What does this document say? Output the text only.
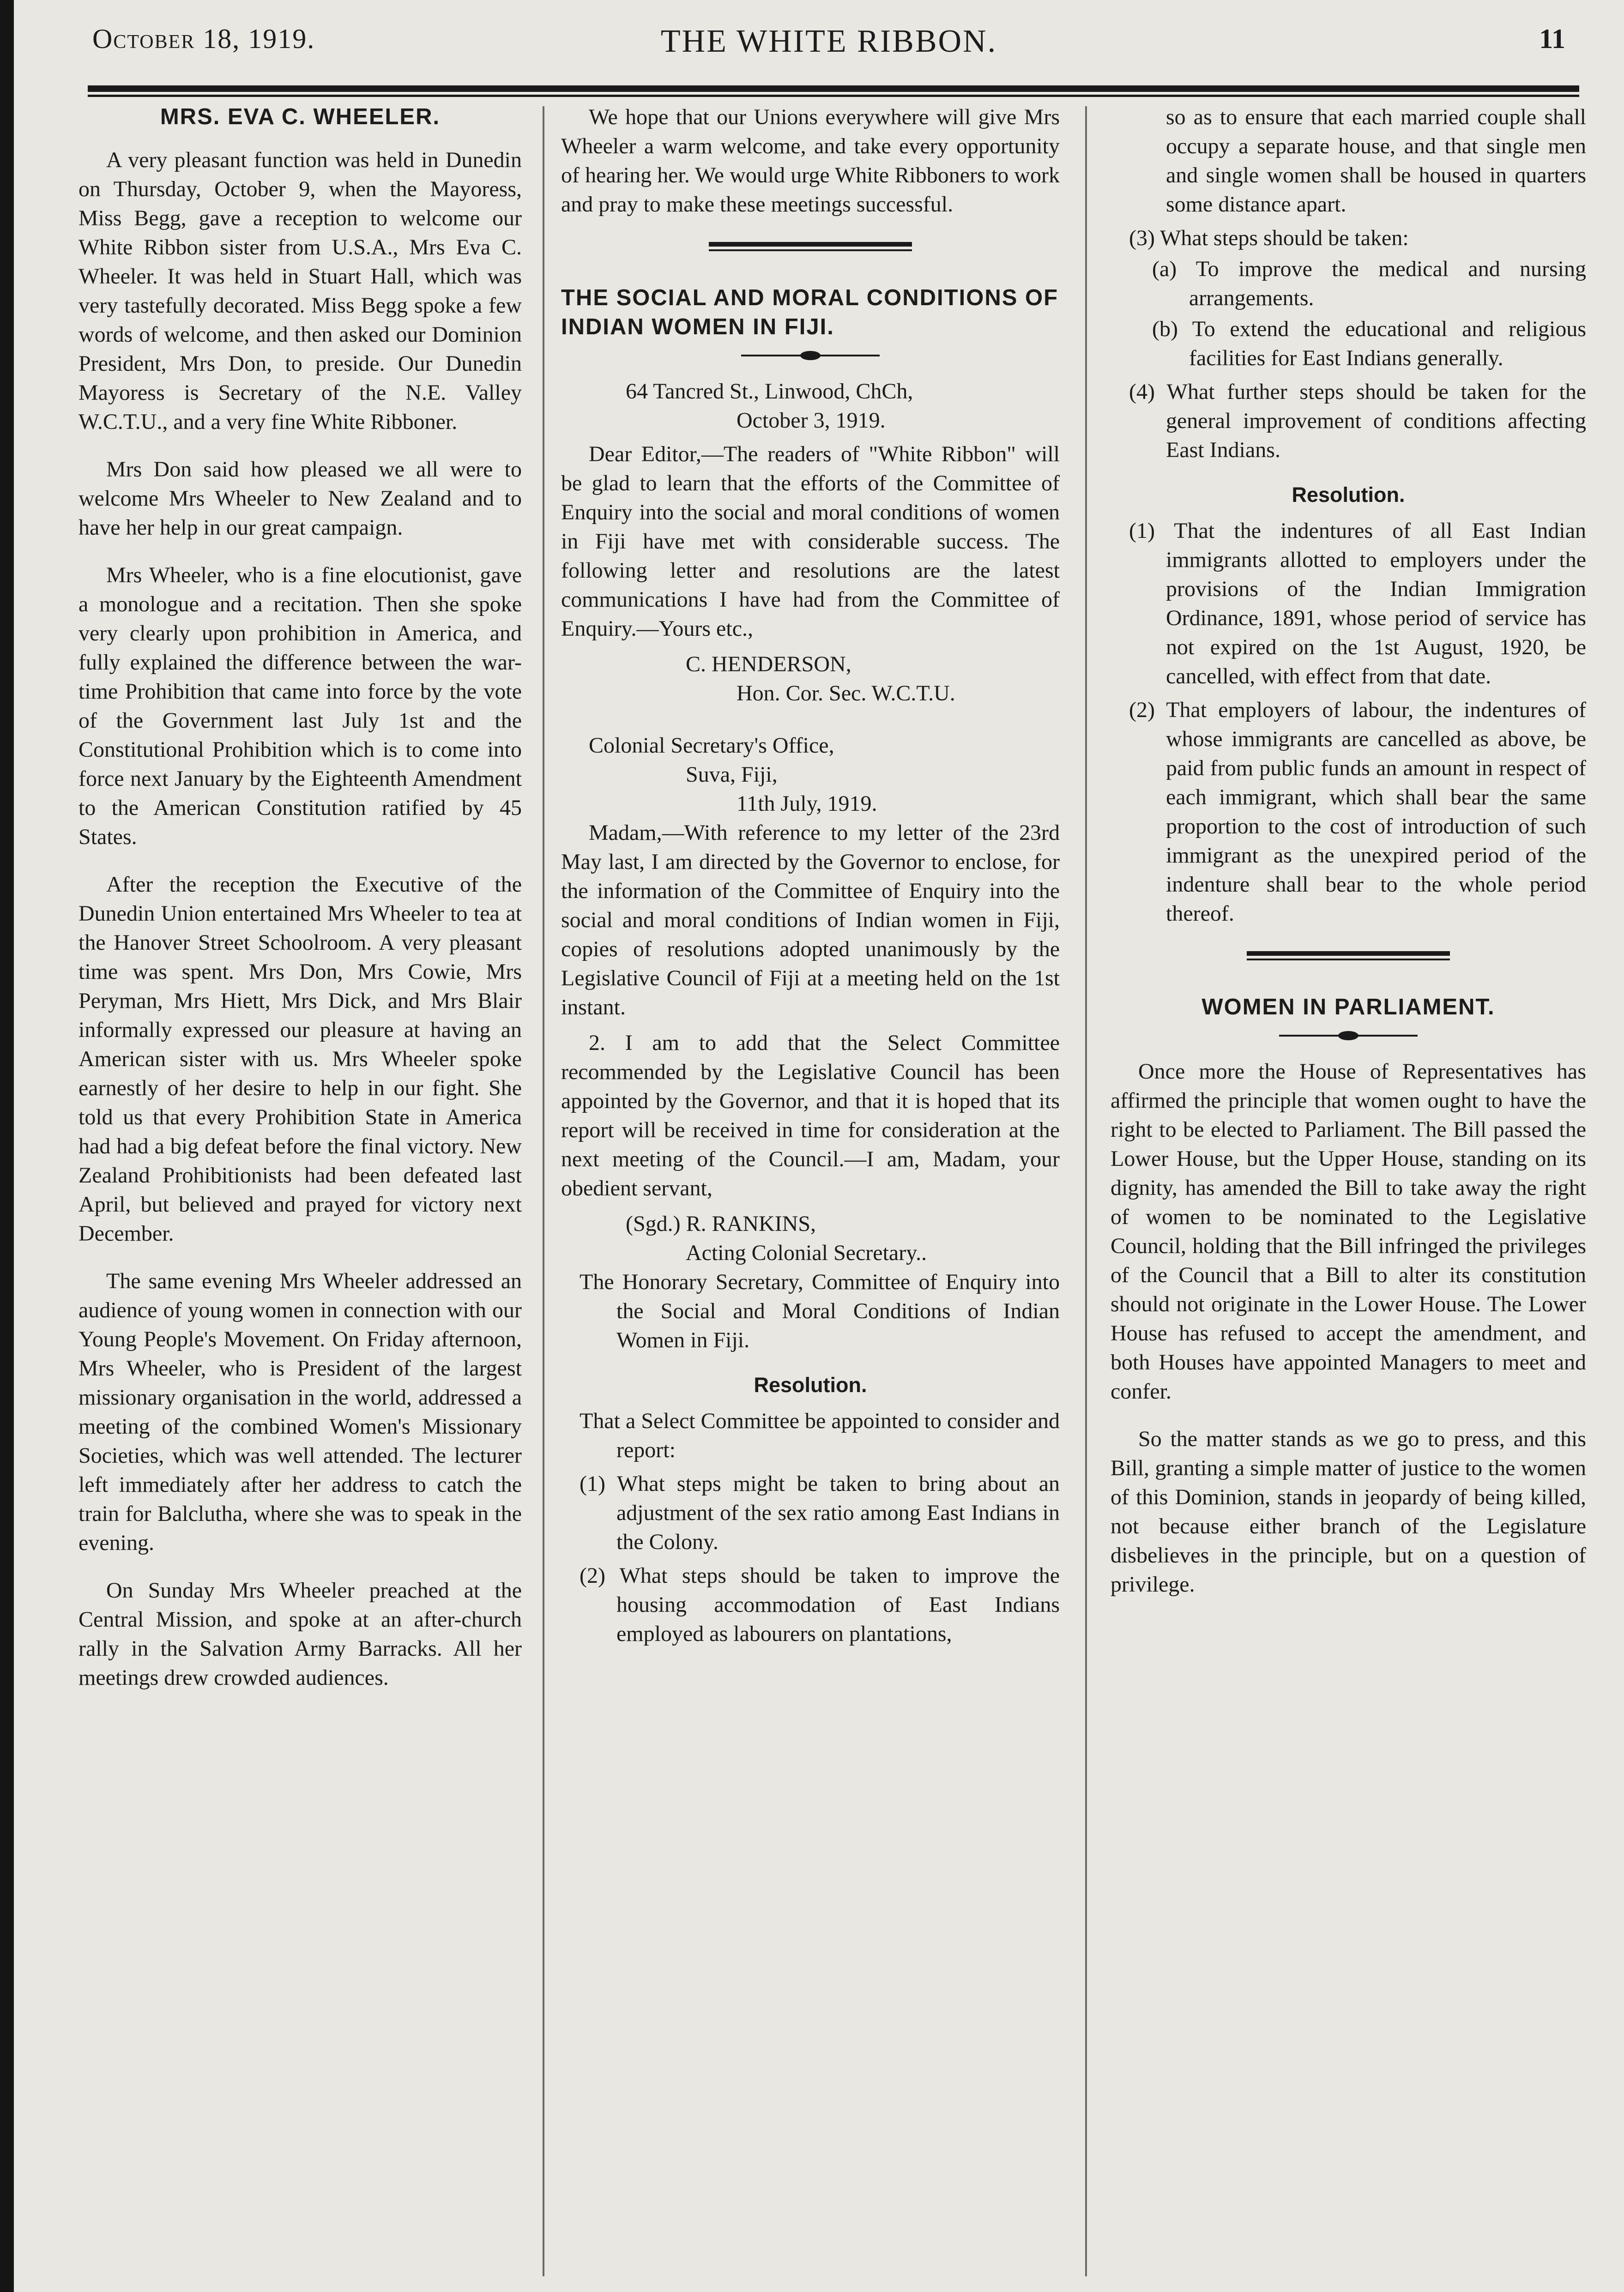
October 18, 1919.	THE WHITE RIBBON.	11
MRS. EVA C. WHEELER.

A very pleasant function was held in Dunedin on Thursday, October 9, when the Mayoress, Miss Begg, gave a reception to welcome our White Ribbon sister from U.S.A., Mrs Eva C. Wheeler. It was held in Stuart Hall, which was very tastefully decorated. Miss Begg spoke a few words of welcome, and then asked our Dominion President, Mrs Don, to preside. Our Dunedin Mayoress is Secretary of the N.E. Valley W.C.T.U., and a very fine White Ribboner.

Mrs Don said how pleased we all were to welcome Mrs Wheeler to New Zealand and to have her help in our great campaign.

Mrs Wheeler, who is a fine elocutionist, gave a monologue and a recitation. Then she spoke very clearly upon prohibition in America, and fully explained the difference between the war-time Prohibition that came into force by the vote of the Government last July 1st and the Constitutional Prohibition which is to come into force next January by the Eighteenth Amendment to the American Constitution ratified by 45 States.

After the reception the Executive of the Dunedin Union entertained Mrs Wheeler to tea at the Hanover Street Schoolroom. A very pleasant time was spent. Mrs Don, Mrs Cowie, Mrs Peryman, Mrs Hiett, Mrs Dick, and Mrs Blair informally expressed our pleasure at having an American sister with us. Mrs Wheeler spoke earnestly of her desire to help in our fight. She told us that every Prohibition State in America had had a big defeat before the final victory. New Zealand Prohibitionists had been defeated last April, but believed and prayed for victory next December.

The same evening Mrs Wheeler addressed an audience of young women in connection with our Young People's Movement. On Friday afternoon, Mrs Wheeler, who is President of the largest missionary organisation in the world, addressed a meeting of the combined Women's Missionary Societies, which was well attended. The lecturer left immediately after her address to catch the train for Balclutha, where she was to speak in the evening.

On Sunday Mrs Wheeler preached at the Central Mission, and spoke at an after-church rally in the Salvation Army Barracks. All her meetings drew crowded audiences.

We hope that our Unions everywhere will give Mrs Wheeler a warm welcome, and take every opportunity of hearing her. We would urge White Ribboners to work and pray to make these meetings successful.

THE SOCIAL AND MORAL CONDITIONS OF INDIAN WOMEN IN FIJI.

64 Tancred St., Linwood, ChCh,

October 3, 1919.

Dear Editor,—The readers of "White Ribbon" will be glad to learn that the efforts of the Committee of Enquiry into the social and moral conditions of women in Fiji have met with considerable success. The following letter and resolutions are the latest communications I have had from the Committee of Enquiry.—Yours etc.,

C. HENDERSON,

Hon. Cor. Sec. W.C.T.U.

Colonial Secretary's Office,

Suva, Fiji,

11th July, 1919.

Madam,—With reference to my letter of the 23rd May last, I am directed by the Governor to enclose, for the information of the Committee of Enquiry into the social and moral conditions of Indian women in Fiji, copies of resolutions adopted unanimously by the Legislative Council of Fiji at a meeting held on the 1st instant.

2. I am to add that the Select Committee recommended by the Legislative Council has been appointed by the Governor, and that it is hoped that its report will be received in time for consideration at the next meeting of the Council.—I am, Madam, your obedient servant,

(Sgd.) R. RANKINS,

Acting Colonial Secretary..

The Honorary Secretary, Committee of Enquiry into the Social and Moral Conditions of Indian Women in Fiji.

Resolution.

That a Select Committee be appointed to consider and report:

(1) What steps might be taken to bring about an adjustment of the sex ratio among East Indians in the Colony.

(2) What steps should be taken to improve the housing accommodation of East Indians employed as labourers on plantations,

so as to ensure that each married couple shall occupy a separate house, and that single men and single women shall be housed in quarters some distance apart.

(3) What steps should be taken:

(a) To improve the medical and nursing arrangements.

(b) To extend the educational and religious facilities for East Indians generally.

(4) What further steps should be taken for the general improvement of conditions affecting East Indians.

Resolution.

(1) That the indentures of all East Indian immigrants allotted to employers under the provisions of the Indian Immigration Ordinance, 1891, whose period of service has not expired on the 1st August, 1920, be cancelled, with effect from that date.

(2) That employers of labour, the indentures of whose immigrants are cancelled as above, be paid from public funds an amount in respect of each immigrant, which shall bear the same proportion to the cost of introduction of such immigrant as the unexpired period of the indenture shall bear to the whole period thereof.

WOMEN IN PARLIAMENT.

Once more the House of Representatives has affirmed the principle that women ought to have the right to be elected to Parliament. The Bill passed the Lower House, but the Upper House, standing on its dignity, has amended the Bill to take away the right of women to be nominated to the Legislative Council, holding that the Bill infringed the privileges of the Council that a Bill to alter its constitution should not originate in the Lower House. The Lower House has refused to accept the amendment, and both Houses have appointed Managers to meet and confer.

So the matter stands as we go to press, and this Bill, granting a simple matter of justice to the women of this Dominion, stands in jeopardy of being killed, not because either branch of the Legislature disbelieves in the principle, but on a question of privilege.
